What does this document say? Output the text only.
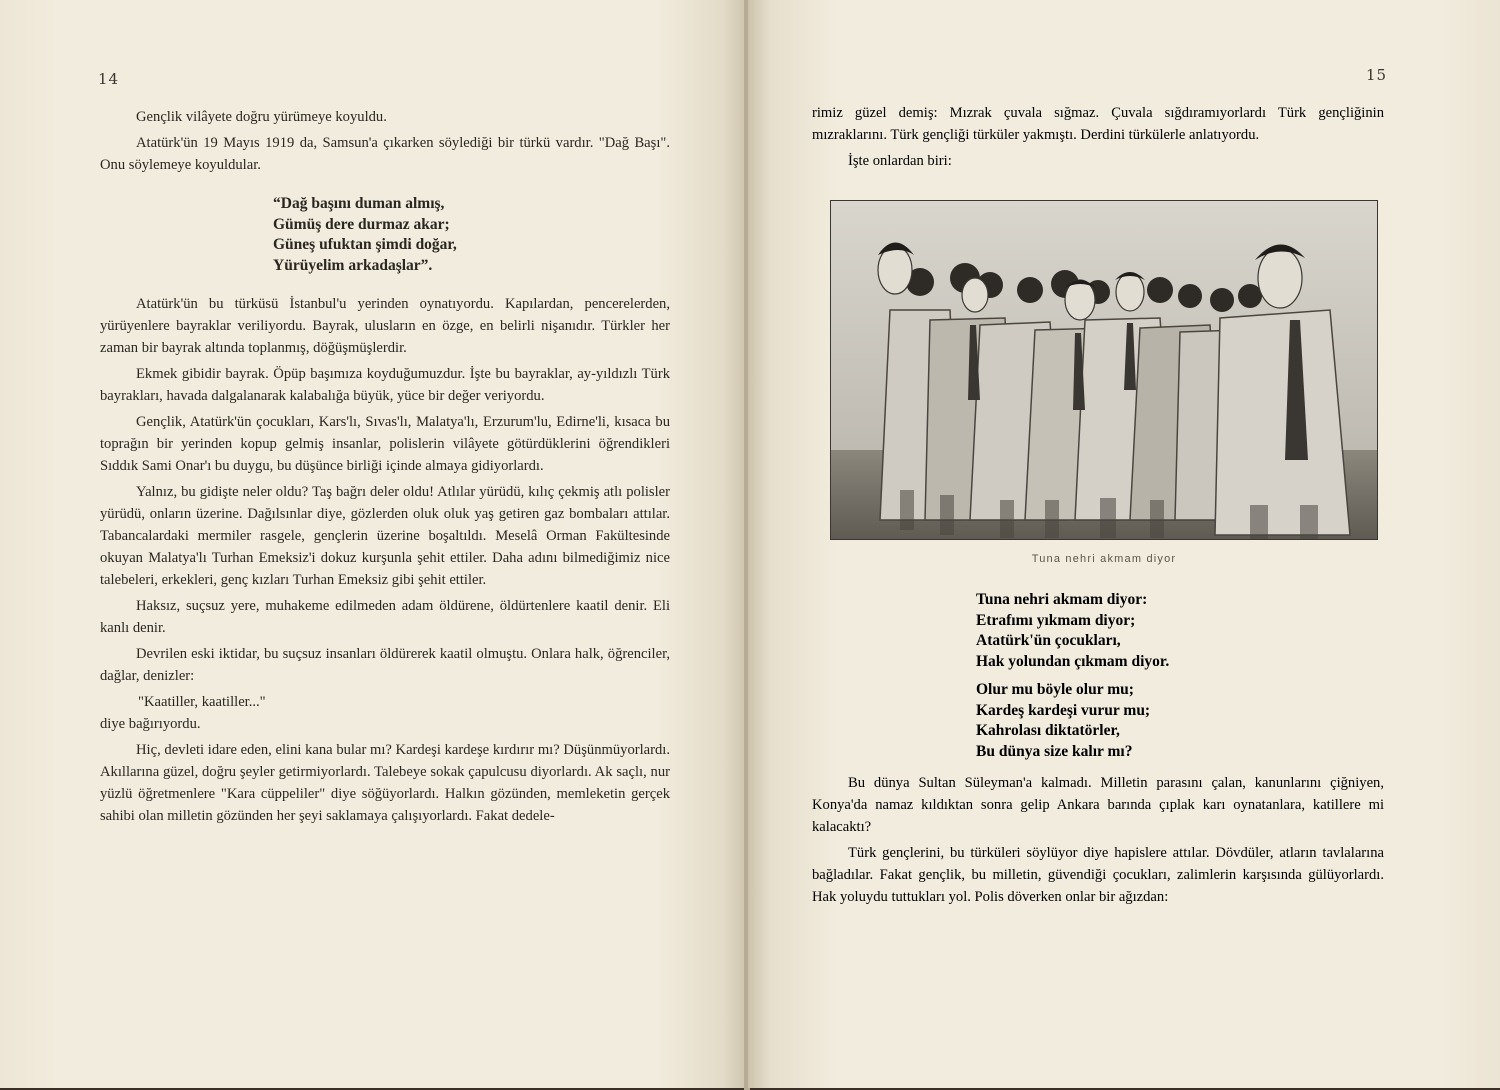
14

Gençlik vilâyete doğru yürümeye koyuldu.

Atatürk'ün 19 Mayıs 1919 da, Samsun'a çıkarken söylediği bir türkü vardır. "Dağ Başı". Onu söylemeye koyuldular.

“Dağ başını duman almış,
Gümüş dere durmaz akar;
Güneş ufuktan şimdi doğar,
Yürüyelim arkadaşlar”.

Atatürk'ün bu türküsü İstanbul'u yerinden oynatıyordu. Kapılardan, pencerelerden, yürüyenlere bayraklar veriliyordu. Bayrak, ulusların en özge, en belirli nişanıdır. Türkler her zaman bir bayrak altında toplanmış, döğüşmüşlerdir.

Ekmek gibidir bayrak. Öpüp başımıza koyduğumuzdur. İşte bu bayraklar, ay-yıldızlı Türk bayrakları, havada dalgalanarak kalabalığa büyük, yüce bir değer veriyordu.

Gençlik, Atatürk'ün çocukları, Kars'lı, Sıvas'lı, Malatya'lı, Erzurum'lu, Edirne'li, kısaca bu toprağın bir yerinden kopup gelmiş insanlar, polislerin vilâyete götürdüklerini öğrendikleri Sıddık Sami Onar'ı bu duygu, bu düşünce birliği içinde almaya gidiyorlardı.

Yalnız, bu gidişte neler oldu? Taş bağrı deler oldu! Atlılar yürüdü, kılıç çekmiş atlı polisler yürüdü, onların üzerine. Dağılsınlar diye, gözlerden oluk oluk yaş getiren gaz bombaları attılar. Tabancalardaki mermiler rasgele, gençlerin üzerine boşaltıldı. Meselâ Orman Fakültesinde okuyan Malatya'lı Turhan Emeksiz'i dokuz kurşunla şehit ettiler. Daha adını bilmediğimiz nice talebeleri, erkekleri, genç kızları Turhan Emeksiz gibi şehit ettiler.

Haksız, suçsuz yere, muhakeme edilmeden adam öldürene, öldürtenlere kaatil denir. Eli kanlı denir.

Devrilen eski iktidar, bu suçsuz insanları öldürerek kaatil olmuştu. Onlara halk, öğrenciler, dağlar, denizler:

"Kaatiller, kaatiller..."

diye bağırıyordu.

Hiç, devleti idare eden, elini kana bular mı? Kardeşi kardeşe kırdırır mı? Düşünmüyorlardı. Akıllarına güzel, doğru şeyler getirmiyorlardı. Talebeye sokak çapulcusu diyorlardı. Ak saçlı, nur yüzlü öğretmenlere "Kara cüppeliler" diye söğüyorlardı. Halkın gözünden, memleketin gerçek sahibi olan milletin gözünden her şeyi saklamaya çalışıyorlardı. Fakat dedele-

15

rimiz güzel demiş: Mızrak çuvala sığmaz. Çuvala sığdıramıyorlardı Türk gençliğinin mızraklarını. Türk gençliği türküler yakmıştı. Derdini türkülerle anlatıyordu.

İşte onlardan biri:

Tuna nehri akmam diyor
Tuna nehri akmam diyor:
Etrafımı yıkmam diyor;
Atatürk'ün çocukları,
Hak yolundan çıkmam diyor.
Olur mu böyle olur mu;
Kardeş kardeşi vurur mu;
Kahrolası diktatörler,
Bu dünya size kalır mı?

Bu dünya Sultan Süleyman'a kalmadı. Milletin parasını çalan, kanunlarını çiğniyen, Konya'da namaz kıldıktan sonra gelip Ankara barında çıplak karı oynatanlara, katillere mi kalacaktı?

Türk gençlerini, bu türküleri söylüyor diye hapislere attılar. Dövdüler, atların tavlalarına bağladılar. Fakat gençlik, bu milletin, güvendiği çocukları, zalimlerin karşısında gülüyorlardı. Hak yoluydu tuttukları yol. Polis döverken onlar bir ağızdan:
